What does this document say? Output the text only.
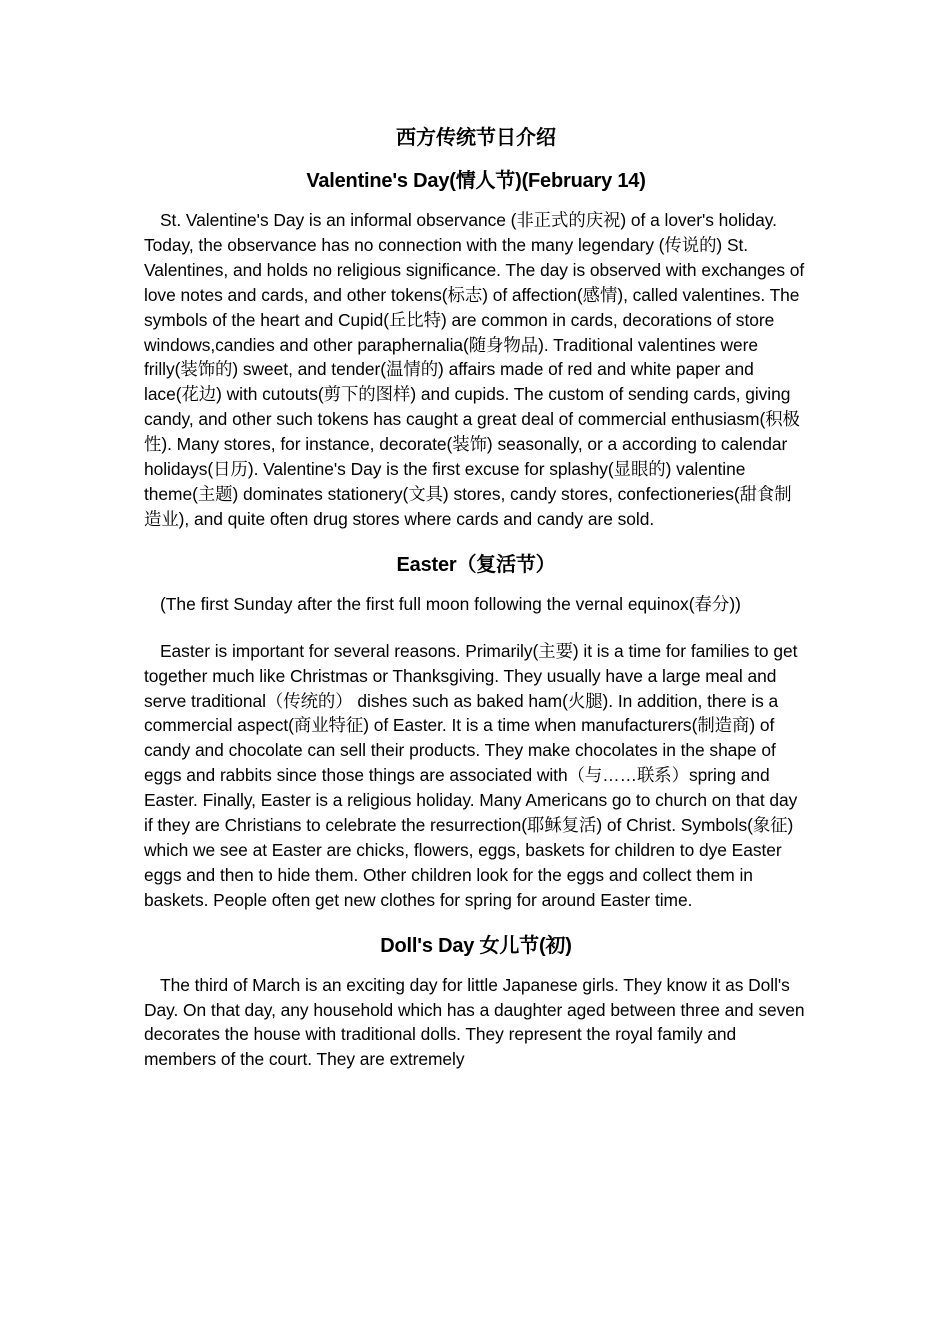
西方传统节日介绍
Valentine's Day(情人节)(February 14)

St. Valentine's Day is an informal observance (非正式的庆祝) of a lover's holiday. Today, the observance has no connection with the many legendary (传说的) St. Valentines, and holds no religious significance. The day is observed with exchanges of love notes and cards, and other tokens(标志) of affection(感情), called valentines. The symbols of the heart and Cupid(丘比特) are common in cards, decorations of store windows,candies and other paraphernalia(随身物品). Traditional valentines were frilly(装饰的) sweet, and tender(温情的) affairs made of red and white paper and lace(花边) with cutouts(剪下的图样) and cupids. The custom of sending cards, giving candy, and other such tokens has caught a great deal of commercial enthusiasm(积极性). Many stores, for instance, decorate(装饰) seasonally, or a according to calendar holidays(日历). Valentine's Day is the first excuse for splashy(显眼的) valentine theme(主题) dominates stationery(文具) stores, candy stores, confectioneries(甜食制造业), and quite often drug stores where cards and candy are sold.

Easter（复活节）

(The first Sunday after the first full moon following the vernal equinox(春分))

Easter is important for several reasons. Primarily(主要) it is a time for families to get together much like Christmas or Thanksgiving. They usually have a large meal and serve traditional（传统的） dishes such as baked ham(火腿). In addition, there is a commercial aspect(商业特征) of Easter. It is a time when manufacturers(制造商) of candy and chocolate can sell their products. They make chocolates in the shape of eggs and rabbits since those things are associated with（与……联系）spring and Easter. Finally, Easter is a religious holiday. Many Americans go to church on that day if they are Christians to celebrate the resurrection(耶稣复活) of Christ. Symbols(象征) which we see at Easter are chicks, flowers, eggs, baskets for children to dye Easter eggs and then to hide them. Other children look for the eggs and collect them in baskets. People often get new clothes for spring for around Easter time.

Doll's Day 女儿节(初)

The third of March is an exciting day for little Japanese girls. They know it as Doll's Day. On that day, any household which has a daughter aged between three and seven decorates the house with traditional dolls. They represent the royal family and members of the court. They are extremely
